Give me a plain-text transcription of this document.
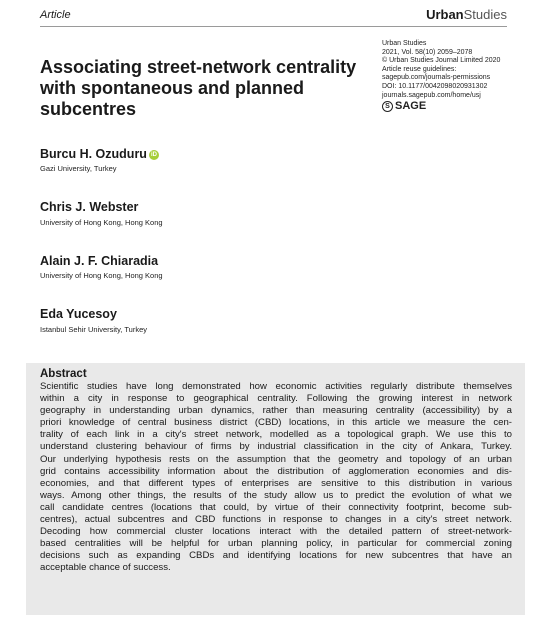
Article	UrbanStudies
Urban Studies
2021, Vol. 58(10) 2059–2078
© Urban Studies Journal Limited 2020
Article reuse guidelines:
sagepub.com/journals-permissions
DOI: 10.1177/0042098020931302
journals.sagepub.com/home/usj
S SAGE
Associating street-network centrality
with spontaneous and planned
subcentres
Burcu H. Ozuduru iD
Gazi University, Turkey
Chris J. Webster
University of Hong Kong, Hong Kong
Alain J. F. Chiaradia
University of Hong Kong, Hong Kong
Eda Yucesoy
Istanbul Sehir University, Turkey
Abstract
Scientific studies have long demonstrated how economic activities regularly distribute themselves
within a city in response to geographical centrality. Following the growing interest in network
geography in understanding urban dynamics, rather than measuring centrality (accessibility) by a
priori knowledge of central business district (CBD) locations, in this article we measure the cen-
trality of each link in a city's street network, modelled as a topological graph. We use this to
understand clustering behaviour of firms by industrial classification in the city of Ankara, Turkey.
Our underlying hypothesis rests on the assumption that the geometry and topology of an urban
grid contains accessibility information about the distribution of agglomeration economies and dis-
economies, and that different types of enterprises are sensitive to this distribution in various
ways. Among other things, the results of the study allow us to predict the evolution of what we
call candidate centres (locations that could, by virtue of their connectivity footprint, become sub-
centres), actual subcentres and CBD functions in response to changes in a city's street network.
Decoding how commercial cluster locations interact with the detailed pattern of street-network-
based centralities will be helpful for urban planning policy, in particular for commercial zoning
decisions such as expanding CBDs and identifying locations for new subcentres that have an
acceptable chance of success.
